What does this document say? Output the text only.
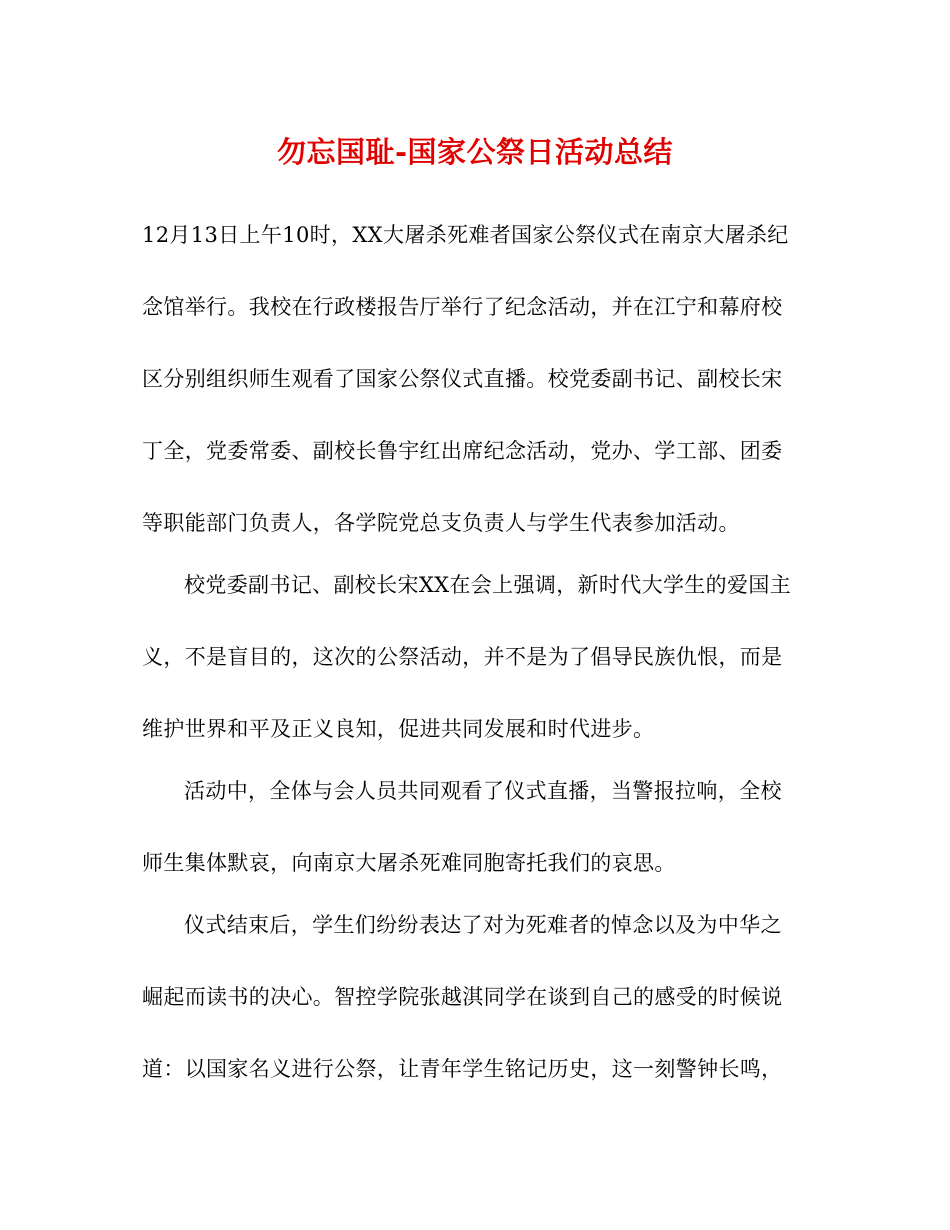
勿忘国耻-国家公祭日活动总结
12月13日上午10时，XX大屠杀死难者国家公祭仪式在南京大屠杀纪
念馆举行。我校在行政楼报告厅举行了纪念活动，并在江宁和幕府校
区分别组织师生观看了国家公祭仪式直播。校党委副书记、副校长宋
丁全，党委常委、副校长鲁宇红出席纪念活动，党办、学工部、团委
等职能部门负责人，各学院党总支负责人与学生代表参加活动。
校党委副书记、副校长宋XX在会上强调，新时代大学生的爱国主
义，不是盲目的，这次的公祭活动，并不是为了倡导民族仇恨，而是
维护世界和平及正义良知，促进共同发展和时代进步。
活动中，全体与会人员共同观看了仪式直播，当警报拉响，全校
师生集体默哀，向南京大屠杀死难同胞寄托我们的哀思。
仪式结束后，学生们纷纷表达了对为死难者的悼念以及为中华之
崛起而读书的决心。智控学院张越淇同学在谈到自己的感受的时候说
道：以国家名义进行公祭，让青年学生铭记历史，这一刻警钟长鸣，
